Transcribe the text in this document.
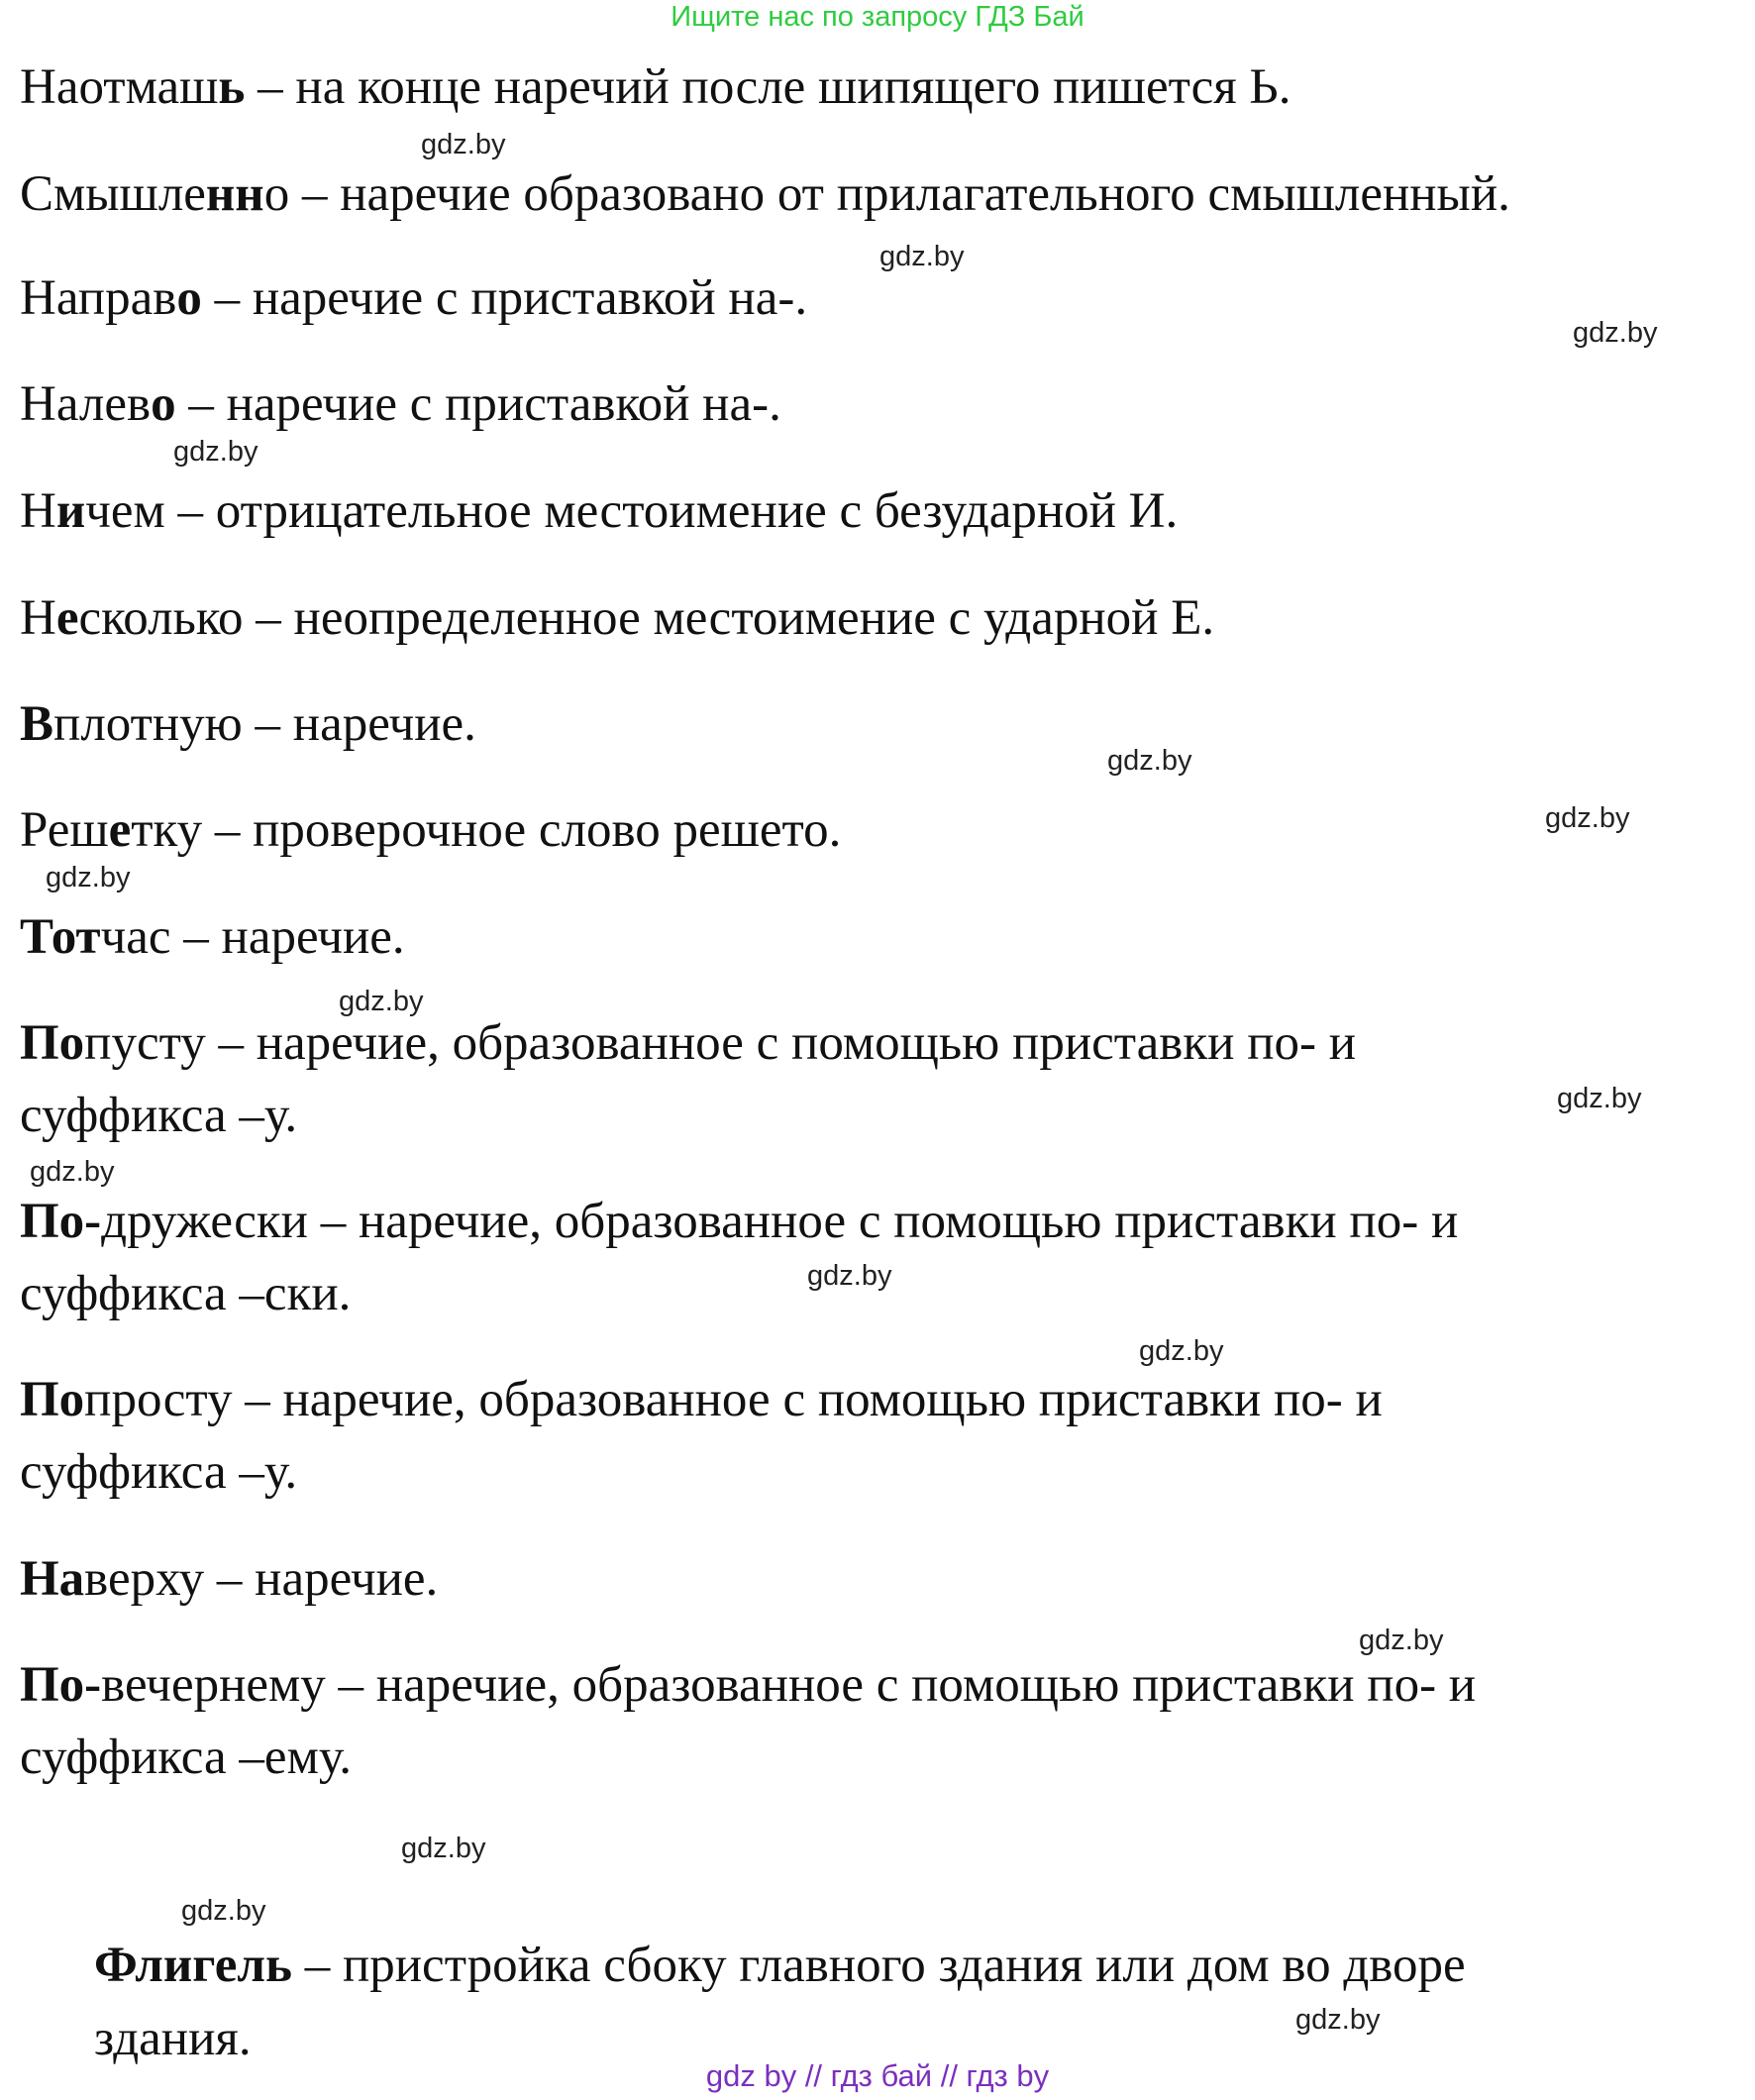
Ищите нас по запросу ГДЗ Бай
Наотмашь – на конце наречий после шипящего пишется Ь.
gdz.by
Смышленно – наречие образовано от прилагательного смышленный.
gdz.by
Направо – наречие с приставкой на-.
gdz.by
Налево – наречие с приставкой на-.
gdz.by
Ничем – отрицательное местоимение с безударной И.
Несколько – неопределенное местоимение с ударной Е.
Вплотную – наречие.
gdz.by
Решетку – проверочное слово решето.	gdz.by
gdz.by
Тотчас – наречие.
gdz.by
Попусту – наречие, образованное с помощью приставки по- и
суффикса –у.	gdz.by
gdz.by
По-дружески – наречие, образованное с помощью приставки по- и
gdz.by
суффикса –ски.
gdz.by
Попросту – наречие, образованное с помощью приставки по- и
суффикса –у.
Наверху – наречие.
gdz.by
По-вечернему – наречие, образованное с помощью приставки по- и
суффикса –ему.
gdz.by
gdz.by
Флигель – пристройка сбоку главного здания или дом во дворе
здания.	gdz.by
gdz by // гдз бай // гдз by
